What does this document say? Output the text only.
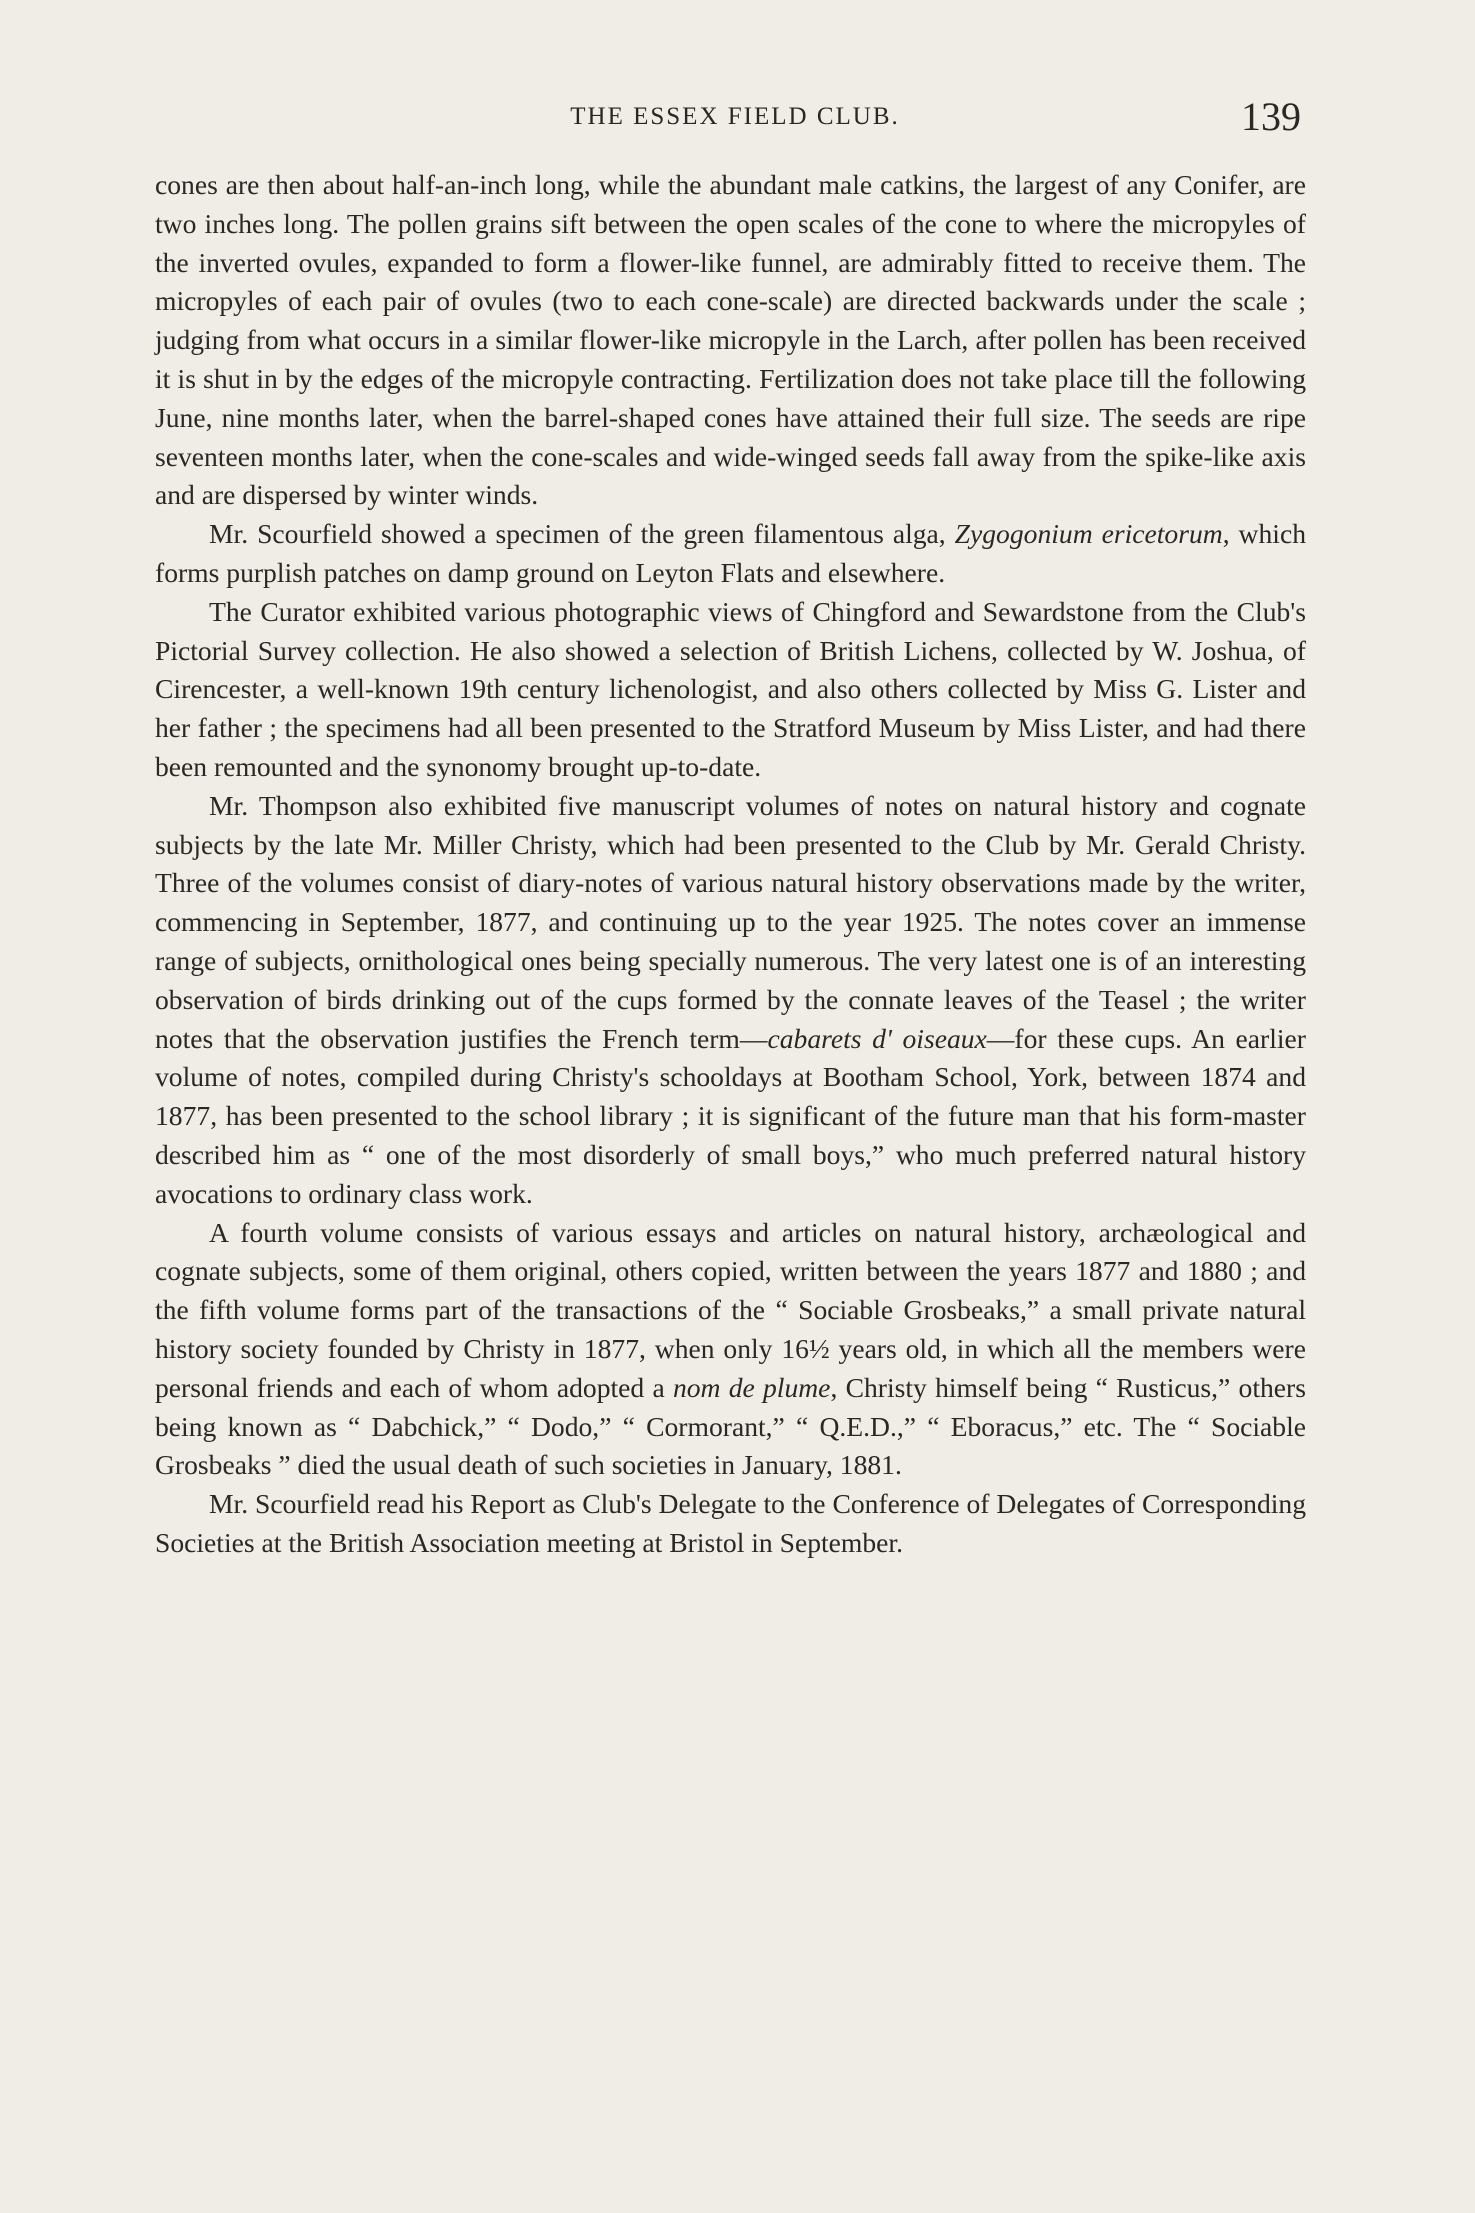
THE ESSEX FIELD CLUB.	139

cones are then about half-an-inch long, while the abundant male catkins, the largest of any Conifer, are two inches long. The pollen grains sift between the open scales of the cone to where the micropyles of the inverted ovules, expanded to form a flower-like funnel, are admirably fitted to receive them. The micropyles of each pair of ovules (two to each cone-scale) are directed backwards under the scale ; judging from what occurs in a similar flower-like micropyle in the Larch, after pollen has been received it is shut in by the edges of the micropyle contracting. Fertilization does not take place till the following June, nine months later, when the barrel-shaped cones have attained their full size. The seeds are ripe seventeen months later, when the cone-scales and wide-winged seeds fall away from the spike-like axis and are dispersed by winter winds.

Mr. Scourfield showed a specimen of the green filamentous alga, Zygogonium ericetorum, which forms purplish patches on damp ground on Leyton Flats and elsewhere.

The Curator exhibited various photographic views of Chingford and Sewardstone from the Club's Pictorial Survey collection. He also showed a selection of British Lichens, collected by W. Joshua, of Cirencester, a well-known 19th century lichenologist, and also others collected by Miss G. Lister and her father ; the specimens had all been presented to the Stratford Museum by Miss Lister, and had there been remounted and the synonomy brought up-to-date.

Mr. Thompson also exhibited five manuscript volumes of notes on natural history and cognate subjects by the late Mr. Miller Christy, which had been presented to the Club by Mr. Gerald Christy. Three of the volumes consist of diary-notes of various natural history observations made by the writer, commencing in September, 1877, and continuing up to the year 1925. The notes cover an immense range of subjects, ornithological ones being specially numerous. The very latest one is of an interesting observation of birds drinking out of the cups formed by the connate leaves of the Teasel ; the writer notes that the observation justifies the French term—cabarets d' oiseaux—for these cups. An earlier volume of notes, compiled during Christy's schooldays at Bootham School, York, between 1874 and 1877, has been presented to the school library ; it is significant of the future man that his form-master described him as “ one of the most disorderly of small boys,” who much preferred natural history avocations to ordinary class work.

A fourth volume consists of various essays and articles on natural history, archæological and cognate subjects, some of them original, others copied, written between the years 1877 and 1880 ; and the fifth volume forms part of the transactions of the “ Sociable Grosbeaks,” a small private natural history society founded by Christy in 1877, when only 16½ years old, in which all the members were personal friends and each of whom adopted a nom de plume, Christy himself being “ Rusticus,” others being known as “ Dabchick,” “ Dodo,” “ Cormorant,” “ Q.E.D.,” “ Eboracus,” etc. The “ Sociable Grosbeaks ” died the usual death of such societies in January, 1881.

Mr. Scourfield read his Report as Club's Delegate to the Conference of Delegates of Corresponding Societies at the British Association meeting at Bristol in September.
